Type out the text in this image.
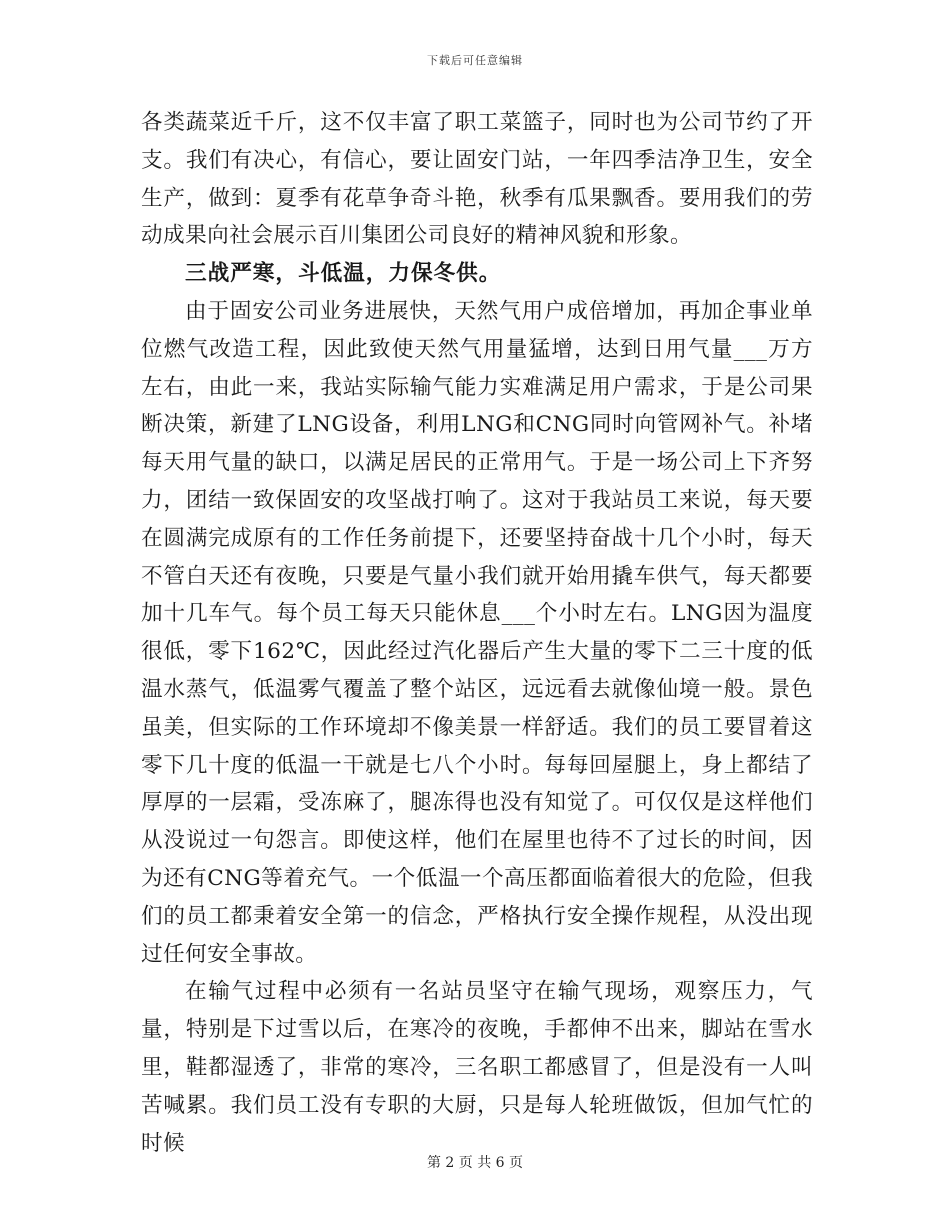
下载后可任意编辑

各类蔬菜近千斤，这不仅丰富了职工菜篮子，同时也为公司节约了开支。我们有决心，有信心，要让固安门站，一年四季洁净卫生，安全生产，做到：夏季有花草争奇斗艳，秋季有瓜果飘香。要用我们的劳动成果向社会展示百川集团公司良好的精神风貌和形象。

三战严寒，斗低温，力保冬供。

由于固安公司业务进展快，天然气用户成倍增加，再加企事业单位燃气改造工程，因此致使天然气用量猛增，达到日用气量___万方左右，由此一来，我站实际输气能力实难满足用户需求，于是公司果断决策，新建了LNG设备，利用LNG和CNG同时向管网补气。补堵每天用气量的缺口，以满足居民的正常用气。于是一场公司上下齐努力，团结一致保固安的攻坚战打响了。这对于我站员工来说，每天要在圆满完成原有的工作任务前提下，还要坚持奋战十几个小时，每天不管白天还有夜晚，只要是气量小我们就开始用撬车供气，每天都要加十几车气。每个员工每天只能休息___个小时左右。LNG因为温度很低，零下162℃，因此经过汽化器后产生大量的零下二三十度的低温水蒸气，低温雾气覆盖了整个站区，远远看去就像仙境一般。景色虽美，但实际的工作环境却不像美景一样舒适。我们的员工要冒着这零下几十度的低温一干就是七八个小时。每每回屋腿上，身上都结了厚厚的一层霜，受冻麻了，腿冻得也没有知觉了。可仅仅是这样他们从没说过一句怨言。即使这样，他们在屋里也待不了过长的时间，因为还有CNG等着充气。一个低温一个高压都面临着很大的危险，但我们的员工都秉着安全第一的信念，严格执行安全操作规程，从没出现过任何安全事故。

在输气过程中必须有一名站员坚守在输气现场，观察压力，气量，特别是下过雪以后，在寒冷的夜晚，手都伸不出来，脚站在雪水里，鞋都湿透了，非常的寒冷，三名职工都感冒了，但是没有一人叫苦喊累。我们员工没有专职的大厨，只是每人轮班做饭，但加气忙的时候

第 2 页 共 6 页
